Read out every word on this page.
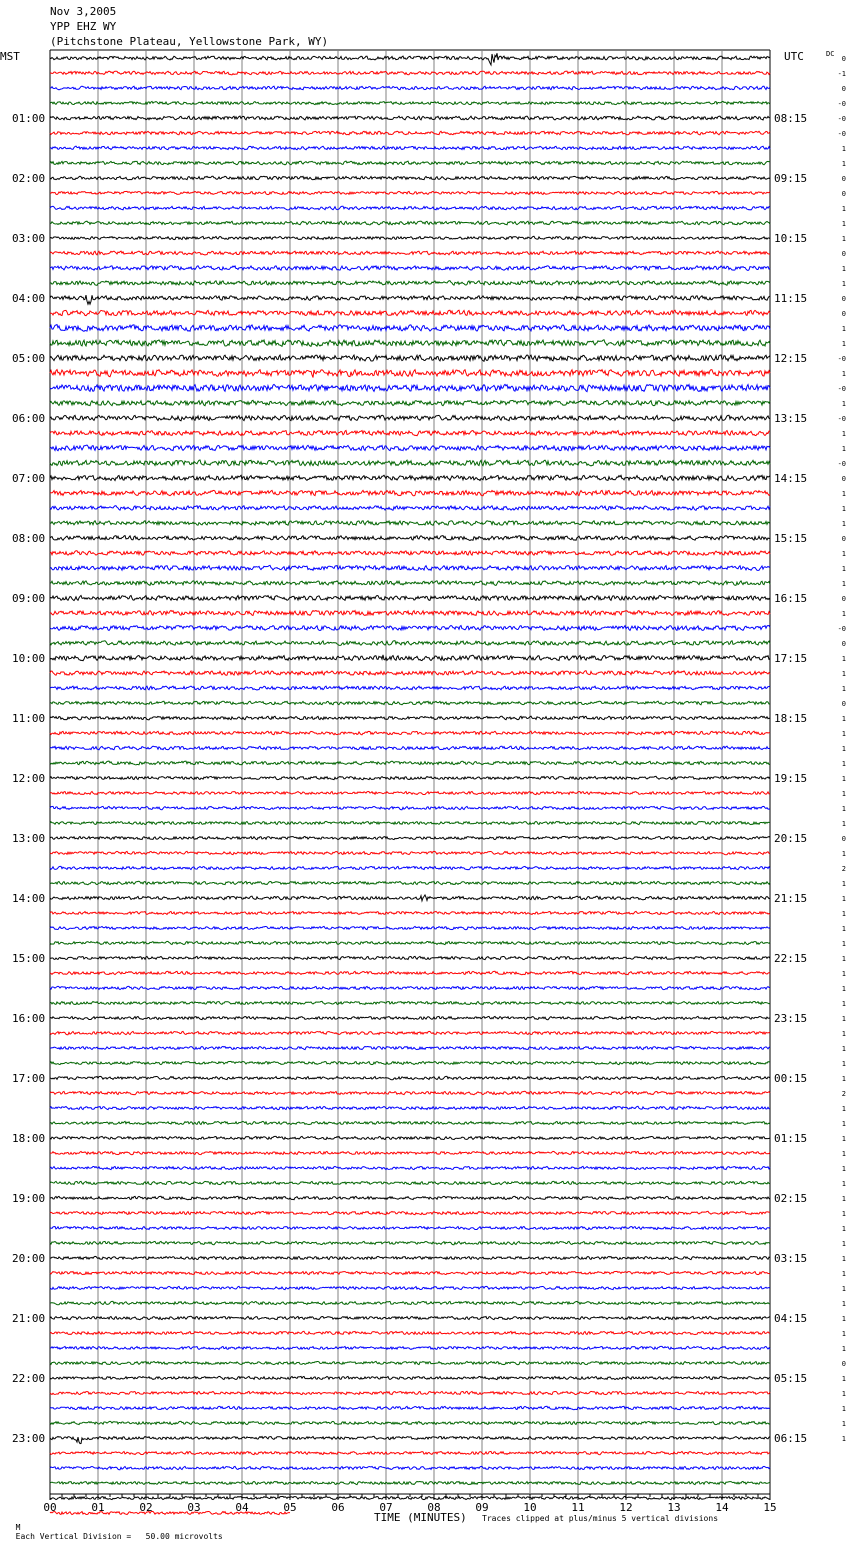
Nov 3,2005
YPP EHZ WY
(Pitchstone Plateau, Yellowstone Park, WY)
00	01	02	03	04	05	06	07	08	09	10	11	12	13	14	15
01:00
02:00
03:00
04:00
05:00
06:00
07:00
08:00
09:00
10:00
11:00
12:00
13:00
14:00
15:00
16:00
17:00
18:00
19:00
20:00
21:00
22:00
23:00
08:15
09:15
10:15
11:15
12:15
13:15
14:15
15:15
16:15
17:15
18:15
19:15
20:15
21:15
22:15
23:15
00:15
01:15
02:15
03:15
04:15
05:15
06:15
0
-1
0
-0
-0
-0
1
1
0
0
1
1
1
0
1
1
0
0
1
1
-0
1
-0
1
-0
1
1
-0
0
1
1
1
0
1
1
1
0
1
-0
0
1
1
1
0
1
1
1
1
1
1
1
1
0
1
2
1
1
1
1
1
1
1
1
1
1
1
1
1
1
2
1
1
1
1
1
1
1
1
1
1
1
1
1
1
1
1
1
0
1
1
1
1
1
MST	UTC	DC

M
Each Vertical Division =   50.00 microvolts

TIME (MINUTES) Traces clipped at plus/minus 5 vertical divisions
